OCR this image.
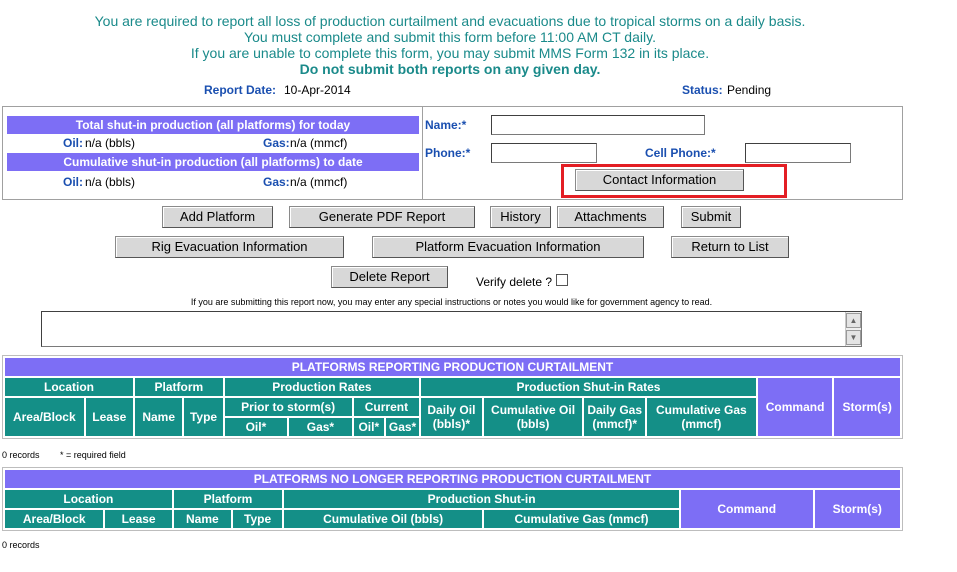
You are required to report all loss of production curtailment and evacuations due to tropical storms on a daily basis.
You must complete and submit this form before 11:00 AM CT daily.
If you are unable to complete this form, you may submit MMS Form 132 in its place.
Do not submit both reports on any given day.
Report Date: 10-Apr-2014	Status: Pending
Total shut-in production (all platforms) for today
Oil: n/a (bbls)	Gas: n/a (mmcf)
Cumulative shut-in production (all platforms) to date
Oil: n/a (bbls)	Gas: n/a (mmcf)
Name:*
Phone:*	Cell Phone:*
Contact Information
Add Platform	Generate PDF Report	History	Attachments	Submit
Rig Evacuation Information	Platform Evacuation Information	Return to List
Delete Report	Verify delete ?
If you are submitting this report now, you may enter any special instructions or notes you would like for government agency to read.
▲
▼
PLATFORMS REPORTING PRODUCTION CURTAILMENT													
Location		Platform		Production Rates				Production Shut-in Rates				Command	Storm(s)
Area/Block	Lease	Name	Type	Prior to storm(s)		Current		Daily Oil (bbls)*	Cumulative Oil (bbls)	Daily Gas (mmcf)*	Cumulative Gas (mmcf)		
				Oil*	Gas*	Oil*	Gas*						
0 records * = required field
PLATFORMS NO LONGER REPORTING PRODUCTION CURTAILMENT							
Location		Platform		Production Shut-in		Command	Storm(s)
Area/Block	Lease	Name	Type	Cumulative Oil (bbls)	Cumulative Gas (mmcf)		
0 records
